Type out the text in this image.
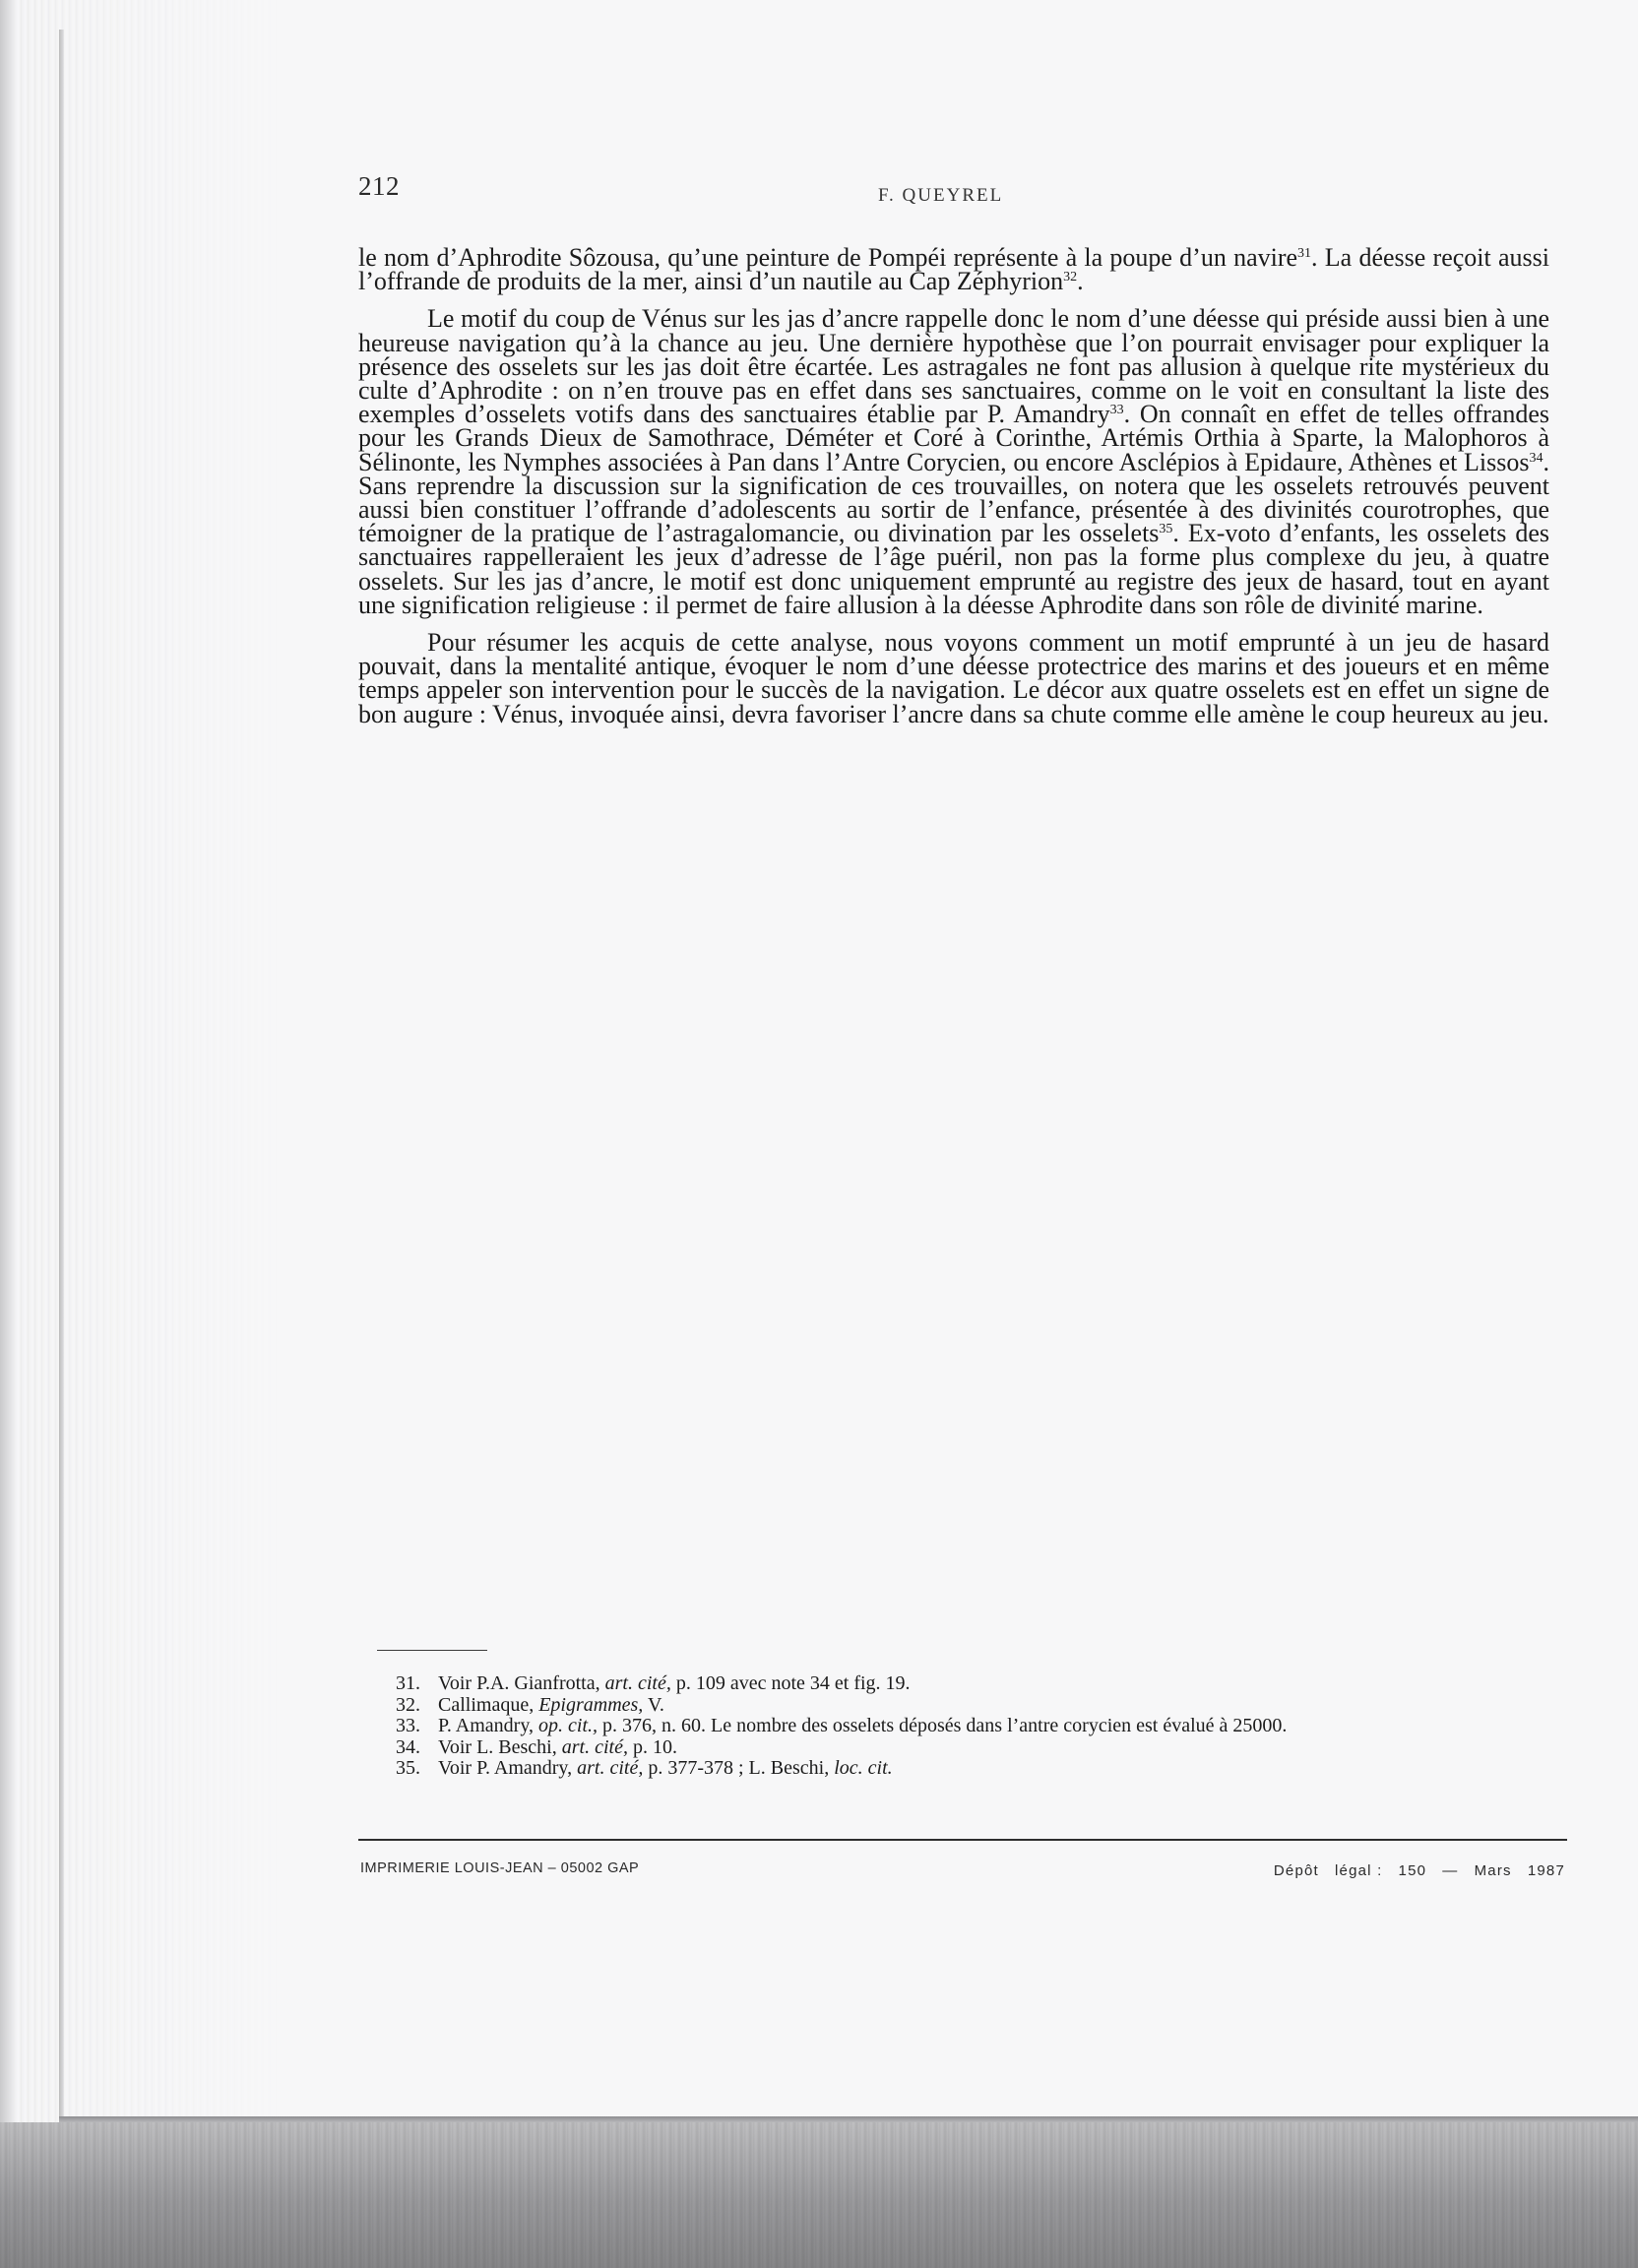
212	F. QUEYREL

le nom d’Aphrodite Sôzousa, qu’une peinture de Pompéi représente à la poupe d’un navire$^{31}$. La déesse reçoit aussi l’offrande de produits de la mer, ainsi d’un nautile au Cap Zéphyrion$^{32}$.

Le motif du coup de Vénus sur les jas d’ancre rappelle donc le nom d’une déesse qui préside aussi bien à une heureuse navigation qu’à la chance au jeu. Une dernière hypothèse que l’on pourrait envisager pour expliquer la présence des osselets sur les jas doit être écartée. Les astragales ne font pas allusion à quelque rite mystérieux du culte d’Aphrodite : on n’en trouve pas en effet dans ses sanctuaires, comme on le voit en consultant la liste des exemples d’osselets votifs dans des sanctuaires établie par P. Amandry$^{33}$. On connaît en effet de telles offrandes pour les Grands Dieux de Samothrace, Déméter et Coré à Corinthe, Artémis Orthia à Sparte, la Malophoros à Sélinonte, les Nymphes associées à Pan dans l’Antre Corycien, ou encore Asclépios à Epidaure, Athènes et Lissos$^{34}$. Sans reprendre la discussion sur la signification de ces trouvailles, on notera que les osselets retrouvés peuvent aussi bien constituer l’offrande d’adolescents au sortir de l’enfance, présentée à des divinités courotrophes, que témoigner de la pratique de l’astragalomancie, ou divination par les osselets$^{35}$. Ex-voto d’enfants, les osselets des sanctuaires rappelleraient les jeux d’adresse de l’âge puéril, non pas la forme plus complexe du jeu, à quatre osselets. Sur les jas d’ancre, le motif est donc uniquement emprunté au registre des jeux de hasard, tout en ayant une signification religieuse : il permet de faire allusion à la déesse Aphrodite dans son rôle de divinité marine.

Pour résumer les acquis de cette analyse, nous voyons comment un motif emprunté à un jeu de hasard pouvait, dans la mentalité antique, évoquer le nom d’une déesse protectrice des marins et des joueurs et en même temps appeler son intervention pour le succès de la navigation. Le décor aux quatre osselets est en effet un signe de bon augure : Vénus, invoquée ainsi, devra favoriser l’ancre dans sa chute comme elle amène le coup heureux au jeu.

31. Voir P.A. Gianfrotta, art. cité, p. 109 avec note 34 et fig. 19.
32. Callimaque, Epigrammes, V.
33. P. Amandry, op. cit., p. 376, n. 60. Le nombre des osselets déposés dans l’antre corycien est évalué à 25000.
34. Voir L. Beschi, art. cité, p. 10.
35. Voir P. Amandry, art. cité, p. 377-378 ; L. Beschi, loc. cit.
IMPRIMERIE LOUIS-JEAN – 05002 GAP	Dépôt   légal :   150   —   Mars   1987
